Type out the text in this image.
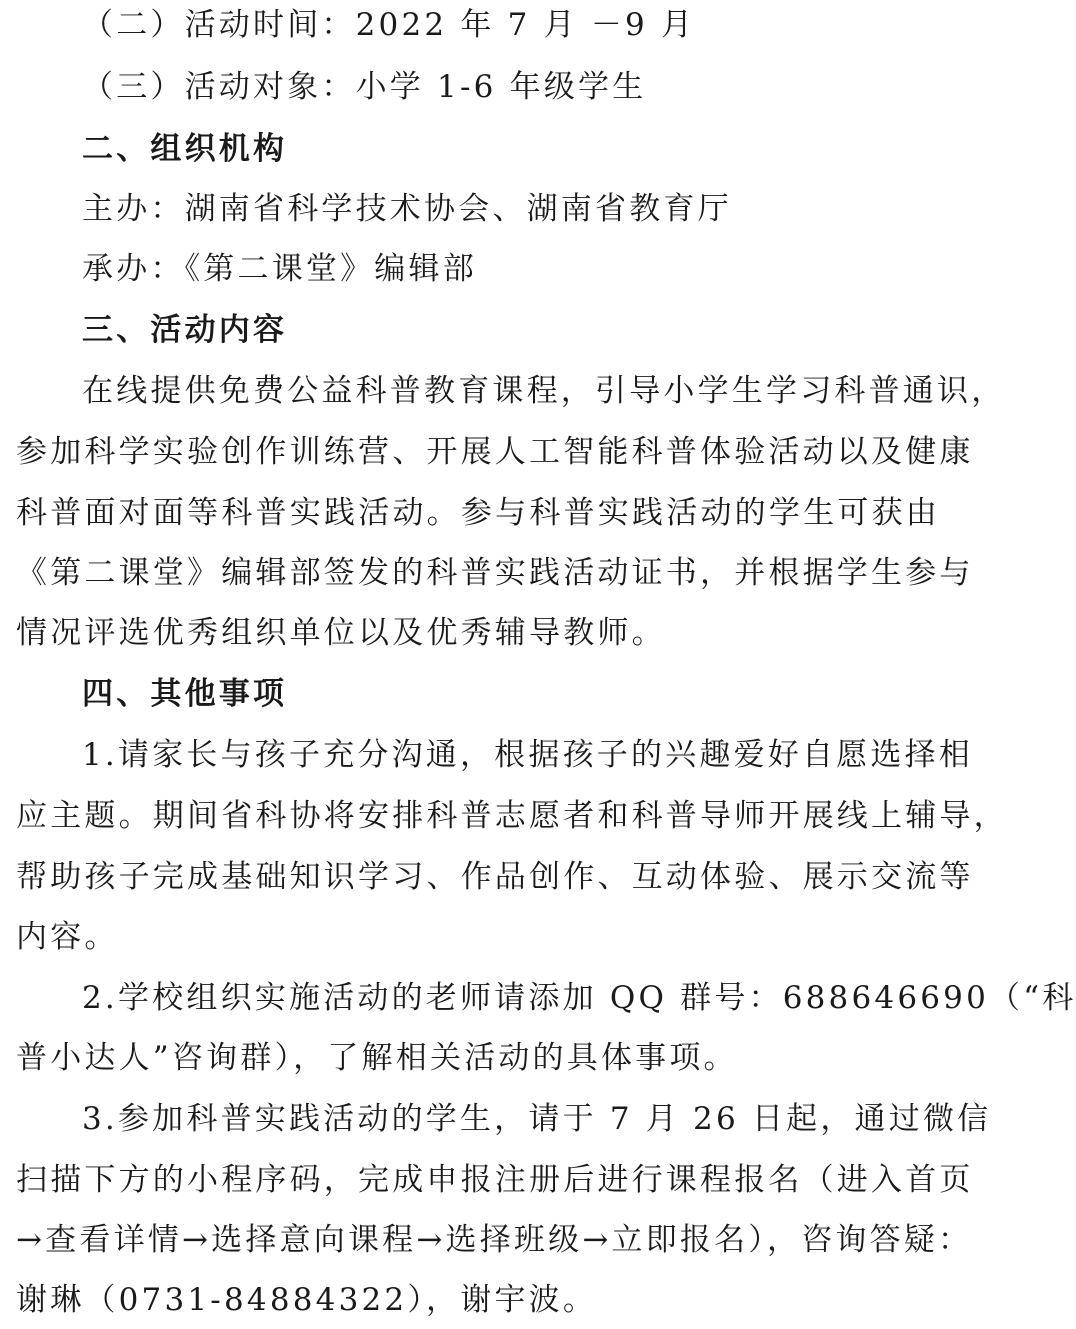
（二）活动时间：2022 年 7 月 －9 月
（三）活动对象：小学 1-6 年级学生
二、组织机构
主办：湖南省科学技术协会、湖南省教育厅
承办：《第二课堂》编辑部
三、活动内容
在线提供免费公益科普教育课程，引导小学生学习科普通识，
参加科学实验创作训练营、开展人工智能科普体验活动以及健康
科普面对面等科普实践活动。参与科普实践活动的学生可获由
《第二课堂》编辑部签发的科普实践活动证书，并根据学生参与
情况评选优秀组织单位以及优秀辅导教师。
四、其他事项
1.请家长与孩子充分沟通，根据孩子的兴趣爱好自愿选择相
应主题。期间省科协将安排科普志愿者和科普导师开展线上辅导，
帮助孩子完成基础知识学习、作品创作、互动体验、展示交流等
内容。
2.学校组织实施活动的老师请添加 QQ 群号：688646690（“科
普小达人”咨询群），了解相关活动的具体事项。
3.参加科普实践活动的学生，请于 7 月 26 日起，通过微信
扫描下方的小程序码，完成申报注册后进行课程报名（进入首页
→查看详情→选择意向课程→选择班级→立即报名），咨询答疑：
谢琳（0731-84884322），谢宇波。
